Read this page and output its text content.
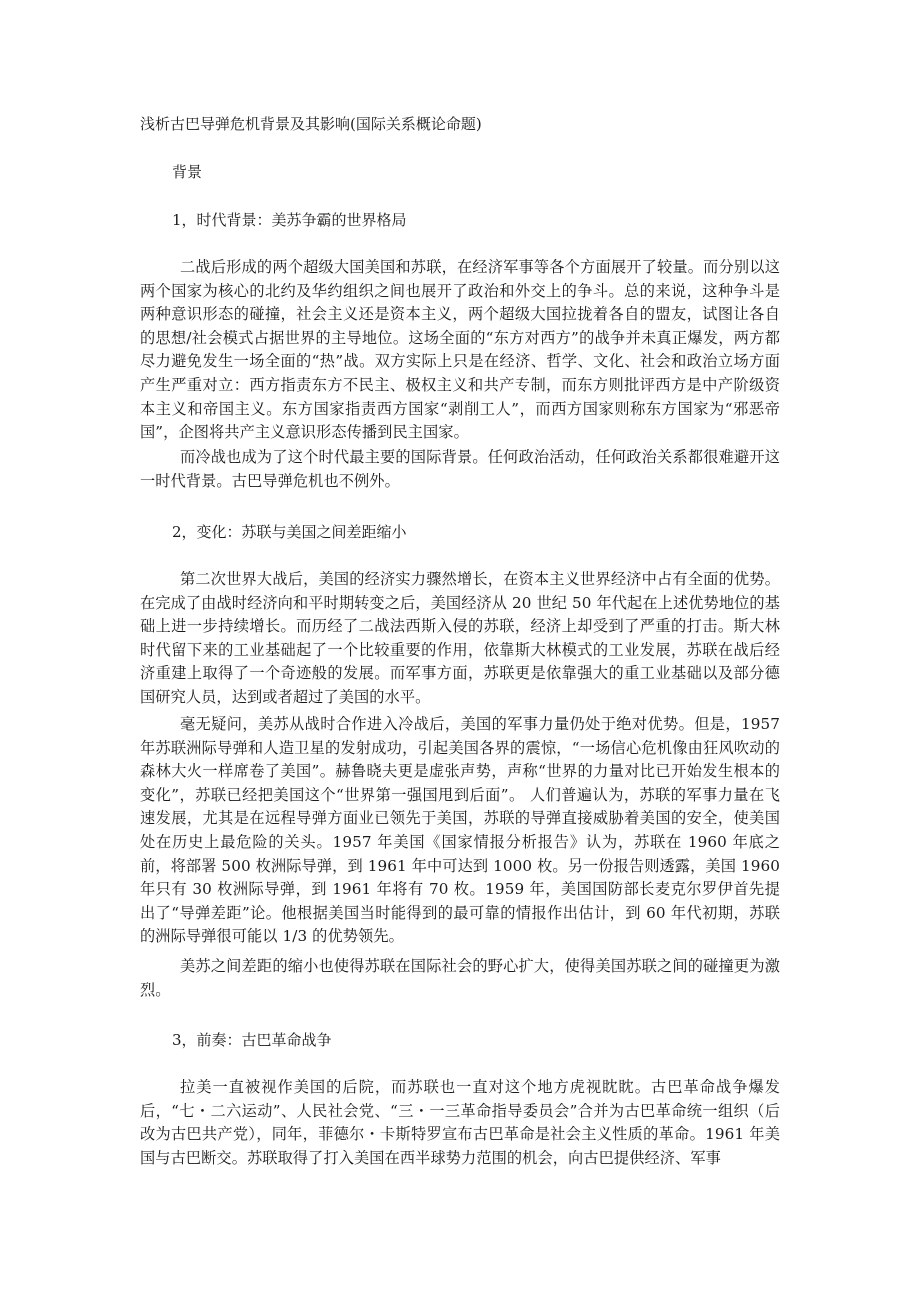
浅析古巴导弹危机背景及其影响(国际关系概论命题)
背景
1，时代背景：美苏争霸的世界格局
二战后形成的两个超级大国美国和苏联，在经济军事等各个方面展开了较量。而分别以这两个国家为核心的北约及华约组织之间也展开了政治和外交上的争斗。总的来说，这种争斗是两种意识形态的碰撞，社会主义还是资本主义，两个超级大国拉拢着各自的盟友，试图让各自的思想/社会模式占据世界的主导地位。这场全面的“东方对西方”的战争并未真正爆发，两方都尽力避免发生一场全面的“热”战。双方实际上只是在经济、哲学、文化、社会和政治立场方面产生严重对立：西方指责东方不民主、极权主义和共产专制，而东方则批评西方是中产阶级资本主义和帝国主义。东方国家指责西方国家“剥削工人”，而西方国家则称东方国家为“邪恶帝国”，企图将共产主义意识形态传播到民主国家。
而冷战也成为了这个时代最主要的国际背景。任何政治活动，任何政治关系都很难避开这一时代背景。古巴导弹危机也不例外。
2，变化：苏联与美国之间差距缩小
第二次世界大战后，美国的经济实力骤然增长，在资本主义世界经济中占有全面的优势。在完成了由战时经济向和平时期转变之后，美国经济从 20 世纪 50 年代起在上述优势地位的基础上进一步持续增长。而历经了二战法西斯入侵的苏联，经济上却受到了严重的打击。斯大林时代留下来的工业基础起了一个比较重要的作用，依靠斯大林模式的工业发展，苏联在战后经济重建上取得了一个奇迹般的发展。而军事方面，苏联更是依靠强大的重工业基础以及部分德国研究人员，达到或者超过了美国的水平。
毫无疑问，美苏从战时合作进入冷战后，美国的军事力量仍处于绝对优势。但是，1957 年苏联洲际导弹和人造卫星的发射成功，引起美国各界的震惊，“一场信心危机像由狂风吹动的森林大火一样席卷了美国”。赫鲁晓夫更是虚张声势，声称“世界的力量对比已开始发生根本的变化”，苏联已经把美国这个“世界第一强国甩到后面”。 人们普遍认为，苏联的军事力量在飞速发展，尤其是在远程导弹方面业已领先于美国，苏联的导弹直接威胁着美国的安全，使美国处在历史上最危险的关头。1957 年美国《国家情报分析报告》认为，苏联在 1960 年底之前，将部署 500 枚洲际导弹，到 1961 年中可达到 1000 枚。另一份报告则透露，美国 1960 年只有 30 枚洲际导弹，到 1961 年将有 70 枚。1959 年，美国国防部长麦克尔罗伊首先提出了“导弹差距”论。他根据美国当时能得到的最可靠的情报作出估计，到 60 年代初期，苏联的洲际导弹很可能以 1/3 的优势领先。
美苏之间差距的缩小也使得苏联在国际社会的野心扩大，使得美国苏联之间的碰撞更为激烈。
3，前奏：古巴革命战争
拉美一直被视作美国的后院，而苏联也一直对这个地方虎视眈眈。古巴革命战争爆发后，“七・二六运动”、人民社会党、“三・一三革命指导委员会”合并为古巴革命统一组织（后改为古巴共产党），同年，菲德尔・卡斯特罗宣布古巴革命是社会主义性质的革命。1961 年美国与古巴断交。苏联取得了打入美国在西半球势力范围的机会，向古巴提供经济、军事
